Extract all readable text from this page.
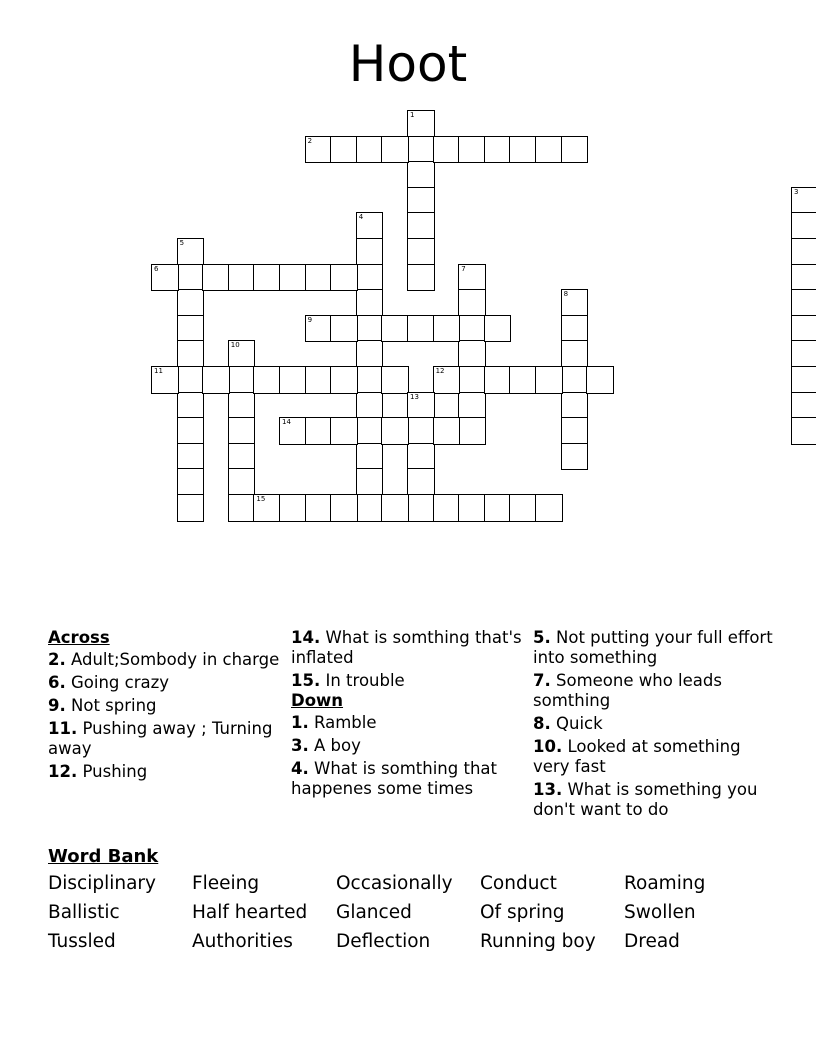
Hoot
1
2
3
4
5
6	7
8
9
10
11	12
13
14
15
Across
2. Adult;Sombody in charge
6. Going crazy
9. Not spring
11. Pushing away ; Turning away
12. Pushing
14. What is somthing that's inflated
15. In trouble
Down
1. Ramble
3. A boy
4. What is somthing that happenes some times
5. Not putting your full effort into something
7. Someone who leads somthing
8. Quick
10. Looked at something very fast
13. What is something you don't want to do
Word Bank
Disciplinary	Fleeing	Occasionally	Conduct	Roaming
Ballistic	Half hearted	Glanced	Of spring	Swollen
Tussled	Authorities	Deflection	Running boy	Dread
